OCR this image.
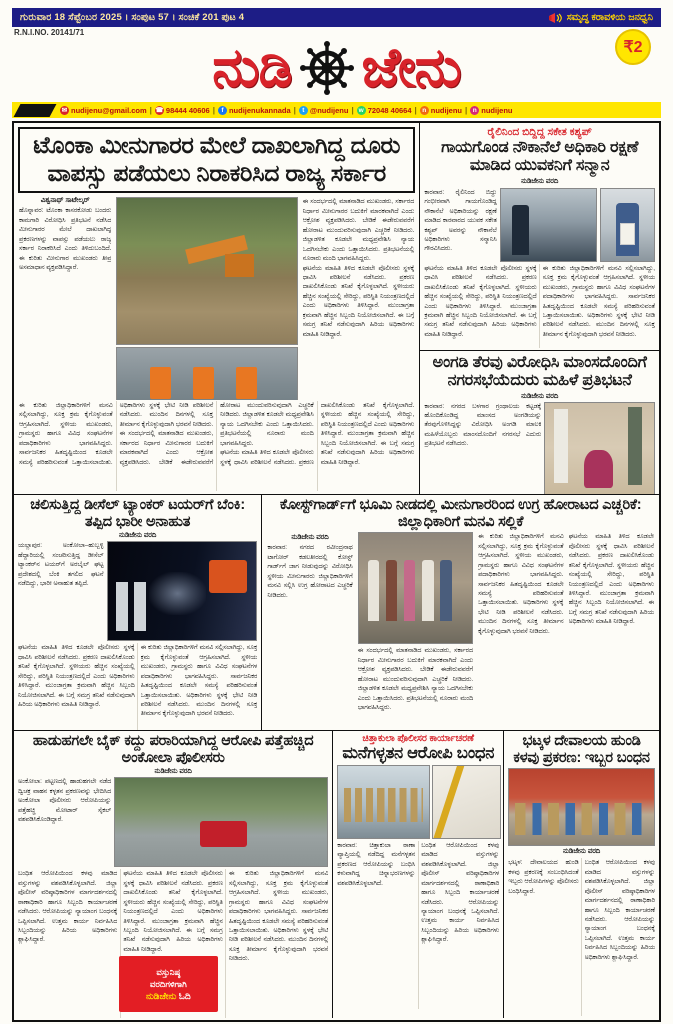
ಗುರುವಾರ 18 ಸೆಪ್ಟೆಂಬರ 2025 । ಸಂಪುಟ 57 । ಸಂಚಿಕೆ 201 ಪುಟ 4	ಸಮೃದ್ಧ ಕರಾವಳಿಯ ಜನಧ್ವನಿ
R.N.I.NO. 20141/71
ನುಡಿ ಜೇನು	₹2
✉ nudijenu@gmail.com | ☎ 98444 40606 | f nudijenukannada | t @nudijenu | w 72048 40664 | n nudijenu | n nudijenu
ಟೊಂಕಾ ಮೀನುಗಾರರ ಮೇಲೆ ದಾಖಲಾಗಿದ್ದ ದೂರು ವಾಪಸ್ಸು ಪಡೆಯಲು ನಿರಾಕರಿಸಿದ ರಾಜ್ಯ ಸರ್ಕಾರ
ವಿಶ್ವನಾಥ್ ಸಾಟೇಲ್ಕರ್

ಹೊನ್ನಾವರ: ಟೊಂಕಾ ಕಾಸರಕೋಡು ಬಂದರು ಕಾಮಗಾರಿ ವಿರೋಧಿಸಿ ಪ್ರತಿಭಟನೆ ನಡೆಸಿದ ಮೀನುಗಾರರ ಮೇಲೆ ದಾಖಲಾಗಿದ್ದ ಪ್ರಕರಣಗಳನ್ನು ವಾಪಸ್ಸು ಪಡೆಯಲು ರಾಜ್ಯ ಸರ್ಕಾರ ನಿರಾಕರಿಸಿದೆ ಎಂದು ತಿಳಿದುಬಂದಿದೆ. ಈ ಕುರಿತು ಮೀನುಗಾರ ಮುಖಂಡರು ತೀವ್ರ ಅಸಮಾಧಾನ ವ್ಯಕ್ತಪಡಿಸಿದ್ದಾರೆ.

ಈ ಸಂದರ್ಭದಲ್ಲಿ ಮಾತನಾಡಿದ ಮುಖಂಡರು, ಸರ್ಕಾರದ ನಿರ್ಧಾರ ಮೀನುಗಾರರ ಬದುಕಿಗೆ ಮಾರಕವಾಗಿದೆ ಎಂದು ಆಕ್ರೋಶ ವ್ಯಕ್ತಪಡಿಸಿದರು. ಬೇಡಿಕೆ ಈಡೇರುವವರೆಗೆ ಹೋರಾಟ ಮುಂದುವರಿಸುವುದಾಗಿ ಎಚ್ಚರಿಕೆ ನೀಡಿದರು. ಜಿಲ್ಲಾಡಳಿತ ಕೂಡಲೇ ಮಧ್ಯಪ್ರವೇಶಿಸಿ ನ್ಯಾಯ ಒದಗಿಸಬೇಕು ಎಂದು ಒತ್ತಾಯಿಸಿದರು. ಪ್ರತಿಭಟನೆಯಲ್ಲಿ ನೂರಾರು ಮಂದಿ ಭಾಗವಹಿಸಿದ್ದರು.

ಘಟನೆಯ ಮಾಹಿತಿ ತಿಳಿದ ಕೂಡಲೇ ಪೊಲೀಸರು ಸ್ಥಳಕ್ಕೆ ಧಾವಿಸಿ ಪರಿಶೀಲನೆ ನಡೆಸಿದರು. ಪ್ರಕರಣ ದಾಖಲಿಸಿಕೊಂಡು ತನಿಖೆ ಕೈಗೊಳ್ಳಲಾಗಿದೆ. ಸ್ಥಳೀಯರು ಹೆಚ್ಚಿನ ಸಂಖ್ಯೆಯಲ್ಲಿ ಸೇರಿದ್ದು, ಪರಿಸ್ಥಿತಿ ನಿಯಂತ್ರಣದಲ್ಲಿದೆ ಎಂದು ಅಧಿಕಾರಿಗಳು ತಿಳಿಸಿದ್ದಾರೆ. ಮುಂಜಾಗ್ರತಾ ಕ್ರಮವಾಗಿ ಹೆಚ್ಚಿನ ಸಿಬ್ಬಂದಿ ನಿಯೋಜಿಸಲಾಗಿದೆ. ಈ ಬಗ್ಗೆ ಸಮಗ್ರ ತನಿಖೆ ನಡೆಸುವುದಾಗಿ ಹಿರಿಯ ಅಧಿಕಾರಿಗಳು ಮಾಹಿತಿ ನೀಡಿದ್ದಾರೆ.

ಈ ಕುರಿತು ಜಿಲ್ಲಾಧಿಕಾರಿಗಳಿಗೆ ಮನವಿ ಸಲ್ಲಿಸಲಾಗಿದ್ದು, ಸೂಕ್ತ ಕ್ರಮ ಕೈಗೊಳ್ಳುವಂತೆ ಆಗ್ರಹಿಸಲಾಗಿದೆ. ಸ್ಥಳೀಯ ಮುಖಂಡರು, ಗ್ರಾಮಸ್ಥರು ಹಾಗೂ ವಿವಿಧ ಸಂಘಟನೆಗಳ ಪದಾಧಿಕಾರಿಗಳು ಭಾಗವಹಿಸಿದ್ದರು. ಸಾರ್ವಜನಿಕರ ಹಿತದೃಷ್ಟಿಯಿಂದ ಕೂಡಲೇ ಸಮಸ್ಯೆ ಪರಿಹರಿಸುವಂತೆ ಒತ್ತಾಯಿಸಲಾಯಿತು. ಅಧಿಕಾರಿಗಳು ಸ್ಥಳಕ್ಕೆ ಭೇಟಿ ನೀಡಿ ಪರಿಶೀಲನೆ ನಡೆಸಿದರು. ಮುಂದಿನ ದಿನಗಳಲ್ಲಿ ಸೂಕ್ತ ತೀರ್ಮಾನ ಕೈಗೊಳ್ಳುವುದಾಗಿ ಭರವಸೆ ನೀಡಿದರು.

ಈ ಸಂದರ್ಭದಲ್ಲಿ ಮಾತನಾಡಿದ ಮುಖಂಡರು, ಸರ್ಕಾರದ ನಿರ್ಧಾರ ಮೀನುಗಾರರ ಬದುಕಿಗೆ ಮಾರಕವಾಗಿದೆ ಎಂದು ಆಕ್ರೋಶ ವ್ಯಕ್ತಪಡಿಸಿದರು. ಬೇಡಿಕೆ ಈಡೇರುವವರೆಗೆ ಹೋರಾಟ ಮುಂದುವರಿಸುವುದಾಗಿ ಎಚ್ಚರಿಕೆ ನೀಡಿದರು. ಜಿಲ್ಲಾಡಳಿತ ಕೂಡಲೇ ಮಧ್ಯಪ್ರವೇಶಿಸಿ ನ್ಯಾಯ ಒದಗಿಸಬೇಕು ಎಂದು ಒತ್ತಾಯಿಸಿದರು. ಪ್ರತಿಭಟನೆಯಲ್ಲಿ ನೂರಾರು ಮಂದಿ ಭಾಗವಹಿಸಿದ್ದರು.

ಘಟನೆಯ ಮಾಹಿತಿ ತಿಳಿದ ಕೂಡಲೇ ಪೊಲೀಸರು ಸ್ಥಳಕ್ಕೆ ಧಾವಿಸಿ ಪರಿಶೀಲನೆ ನಡೆಸಿದರು. ಪ್ರಕರಣ ದಾಖಲಿಸಿಕೊಂಡು ತನಿಖೆ ಕೈಗೊಳ್ಳಲಾಗಿದೆ. ಸ್ಥಳೀಯರು ಹೆಚ್ಚಿನ ಸಂಖ್ಯೆಯಲ್ಲಿ ಸೇರಿದ್ದು, ಪರಿಸ್ಥಿತಿ ನಿಯಂತ್ರಣದಲ್ಲಿದೆ ಎಂದು ಅಧಿಕಾರಿಗಳು ತಿಳಿಸಿದ್ದಾರೆ. ಮುಂಜಾಗ್ರತಾ ಕ್ರಮವಾಗಿ ಹೆಚ್ಚಿನ ಸಿಬ್ಬಂದಿ ನಿಯೋಜಿಸಲಾಗಿದೆ. ಈ ಬಗ್ಗೆ ಸಮಗ್ರ ತನಿಖೆ ನಡೆಸುವುದಾಗಿ ಹಿರಿಯ ಅಧಿಕಾರಿಗಳು ಮಾಹಿತಿ ನೀಡಿದ್ದಾರೆ.

ರೈಲಿನಿಂದ ಬಿದ್ದಿದ್ದ ಸಕೇತ ಕಶ್ಯಪ್
ಗಾಯಗೊಂಡ ನೌಕಾನೆಲೆ ಅಧಿಕಾರಿ ರಕ್ಷಣೆ ಮಾಡಿದ ಯುವಕನಿಗೆ ಸನ್ಮಾನ
ನುಡಿಜೇನು ವರದಿ

ಕಾರವಾರ: ರೈಲಿನಿಂದ ಬಿದ್ದು ಗಂಭೀರವಾಗಿ ಗಾಯಗೊಂಡಿದ್ದ ನೌಕಾನೆಲೆ ಅಧಿಕಾರಿಯನ್ನು ರಕ್ಷಣೆ ಮಾಡಿದ ಕಾರವಾರದ ಯುವಕ ಸಕೇತ ಕಶ್ಯಪ್ ಅವರನ್ನು ನೌಕಾನೆಲೆ ಅಧಿಕಾರಿಗಳು ಸನ್ಮಾನಿಸಿ ಗೌರವಿಸಿದರು.

ಘಟನೆಯ ಮಾಹಿತಿ ತಿಳಿದ ಕೂಡಲೇ ಪೊಲೀಸರು ಸ್ಥಳಕ್ಕೆ ಧಾವಿಸಿ ಪರಿಶೀಲನೆ ನಡೆಸಿದರು. ಪ್ರಕರಣ ದಾಖಲಿಸಿಕೊಂಡು ತನಿಖೆ ಕೈಗೊಳ್ಳಲಾಗಿದೆ. ಸ್ಥಳೀಯರು ಹೆಚ್ಚಿನ ಸಂಖ್ಯೆಯಲ್ಲಿ ಸೇರಿದ್ದು, ಪರಿಸ್ಥಿತಿ ನಿಯಂತ್ರಣದಲ್ಲಿದೆ ಎಂದು ಅಧಿಕಾರಿಗಳು ತಿಳಿಸಿದ್ದಾರೆ. ಮುಂಜಾಗ್ರತಾ ಕ್ರಮವಾಗಿ ಹೆಚ್ಚಿನ ಸಿಬ್ಬಂದಿ ನಿಯೋಜಿಸಲಾಗಿದೆ. ಈ ಬಗ್ಗೆ ಸಮಗ್ರ ತನಿಖೆ ನಡೆಸುವುದಾಗಿ ಹಿರಿಯ ಅಧಿಕಾರಿಗಳು ಮಾಹಿತಿ ನೀಡಿದ್ದಾರೆ.

ಈ ಕುರಿತು ಜಿಲ್ಲಾಧಿಕಾರಿಗಳಿಗೆ ಮನವಿ ಸಲ್ಲಿಸಲಾಗಿದ್ದು, ಸೂಕ್ತ ಕ್ರಮ ಕೈಗೊಳ್ಳುವಂತೆ ಆಗ್ರಹಿಸಲಾಗಿದೆ. ಸ್ಥಳೀಯ ಮುಖಂಡರು, ಗ್ರಾಮಸ್ಥರು ಹಾಗೂ ವಿವಿಧ ಸಂಘಟನೆಗಳ ಪದಾಧಿಕಾರಿಗಳು ಭಾಗವಹಿಸಿದ್ದರು. ಸಾರ್ವಜನಿಕರ ಹಿತದೃಷ್ಟಿಯಿಂದ ಕೂಡಲೇ ಸಮಸ್ಯೆ ಪರಿಹರಿಸುವಂತೆ ಒತ್ತಾಯಿಸಲಾಯಿತು. ಅಧಿಕಾರಿಗಳು ಸ್ಥಳಕ್ಕೆ ಭೇಟಿ ನೀಡಿ ಪರಿಶೀಲನೆ ನಡೆಸಿದರು. ಮುಂದಿನ ದಿನಗಳಲ್ಲಿ ಸೂಕ್ತ ತೀರ್ಮಾನ ಕೈಗೊಳ್ಳುವುದಾಗಿ ಭರವಸೆ ನೀಡಿದರು.

ಅಂಗಡಿ ತೆರವು ವಿರೋಧಿಸಿ ಮಾಂಸದೊಂದಿಗೆ ನಗರಸಭೆಯೆದುರು ಮಹಿಳೆ ಪ್ರತಿಭಟನೆ
ನುಡಿಜೇನು ವರದಿ

ಕಾರವಾರ: ನಗರದ ಬಳಗಾರ ಗ್ರಂಥಾಲಯ ಕಟ್ಟಡಕ್ಕೆ ಹೊಂದಿಕೊಂಡಿದ್ದ ಮಾಂಸದ ಅಂಗಡಿಯನ್ನು ತೆರವುಗೊಳಿಸಿದ್ದನ್ನು ವಿರೋಧಿಸಿ ಅಂಗಡಿ ಮಾಲಕಿ ಮಹಿಳೆಯೊಬ್ಬರು ಮಾಂಸದೊಂದಿಗೆ ನಗರಸಭೆ ಎದುರು ಪ್ರತಿಭಟನೆ ನಡೆಸಿದರು.

ಚಲಿಸುತ್ತಿದ್ದ ಡೀಸೆಲ್ ಟ್ಯಾಂಕರ್ ಟಯರ್‌ಗೆ ಬೆಂಕಿ: ತಪ್ಪಿದ ಭಾರೀ ಅನಾಹುತ
ನುಡಿಜೇನು ವರದಿ

ಯಲ್ಲಾಪುರ: ಅಂಕೋಲಾ–ಹುಬ್ಬಳ್ಳಿ ಹೆದ್ದಾರಿಯಲ್ಲಿ ಸಂಚರಿಸುತ್ತಿದ್ದ ಡೀಸೆಲ್ ಟ್ಯಾಂಕರ್‌ನ ಟಯರ್‌ಗೆ ಅರಬೈಲ್ ಘಟ್ಟ ಪ್ರದೇಶದಲ್ಲಿ ಬೆಂಕಿ ತಗಲಿದ ಘಟನೆ ನಡೆದಿದ್ದು, ಭಾರೀ ಅನಾಹುತ ತಪ್ಪಿದೆ.

ಘಟನೆಯ ಮಾಹಿತಿ ತಿಳಿದ ಕೂಡಲೇ ಪೊಲೀಸರು ಸ್ಥಳಕ್ಕೆ ಧಾವಿಸಿ ಪರಿಶೀಲನೆ ನಡೆಸಿದರು. ಪ್ರಕರಣ ದಾಖಲಿಸಿಕೊಂಡು ತನಿಖೆ ಕೈಗೊಳ್ಳಲಾಗಿದೆ. ಸ್ಥಳೀಯರು ಹೆಚ್ಚಿನ ಸಂಖ್ಯೆಯಲ್ಲಿ ಸೇರಿದ್ದು, ಪರಿಸ್ಥಿತಿ ನಿಯಂತ್ರಣದಲ್ಲಿದೆ ಎಂದು ಅಧಿಕಾರಿಗಳು ತಿಳಿಸಿದ್ದಾರೆ. ಮುಂಜಾಗ್ರತಾ ಕ್ರಮವಾಗಿ ಹೆಚ್ಚಿನ ಸಿಬ್ಬಂದಿ ನಿಯೋಜಿಸಲಾಗಿದೆ. ಈ ಬಗ್ಗೆ ಸಮಗ್ರ ತನಿಖೆ ನಡೆಸುವುದಾಗಿ ಹಿರಿಯ ಅಧಿಕಾರಿಗಳು ಮಾಹಿತಿ ನೀಡಿದ್ದಾರೆ.

ಈ ಕುರಿತು ಜಿಲ್ಲಾಧಿಕಾರಿಗಳಿಗೆ ಮನವಿ ಸಲ್ಲಿಸಲಾಗಿದ್ದು, ಸೂಕ್ತ ಕ್ರಮ ಕೈಗೊಳ್ಳುವಂತೆ ಆಗ್ರಹಿಸಲಾಗಿದೆ. ಸ್ಥಳೀಯ ಮುಖಂಡರು, ಗ್ರಾಮಸ್ಥರು ಹಾಗೂ ವಿವಿಧ ಸಂಘಟನೆಗಳ ಪದಾಧಿಕಾರಿಗಳು ಭಾಗವಹಿಸಿದ್ದರು. ಸಾರ್ವಜನಿಕರ ಹಿತದೃಷ್ಟಿಯಿಂದ ಕೂಡಲೇ ಸಮಸ್ಯೆ ಪರಿಹರಿಸುವಂತೆ ಒತ್ತಾಯಿಸಲಾಯಿತು. ಅಧಿಕಾರಿಗಳು ಸ್ಥಳಕ್ಕೆ ಭೇಟಿ ನೀಡಿ ಪರಿಶೀಲನೆ ನಡೆಸಿದರು. ಮುಂದಿನ ದಿನಗಳಲ್ಲಿ ಸೂಕ್ತ ತೀರ್ಮಾನ ಕೈಗೊಳ್ಳುವುದಾಗಿ ಭರವಸೆ ನೀಡಿದರು.

ಕೋಸ್ಟ್‌ಗಾರ್ಡ್‌ಗೆ ಭೂಮಿ ನೀಡದಲ್ಲಿ ಮೀನುಗಾರರಿಂದ ಉಗ್ರ ಹೋರಾಟದ ಎಚ್ಚರಿಕೆ: ಜಿಲ್ಲಾಧಿಕಾರಿಗೆ ಮನವಿ ಸಲ್ಲಿಕೆ
ನುಡಿಜೇನು ವರದಿ

ಕಾರವಾರ: ನಗರದ ರವೀಂದ್ರನಾಥ ಟಾಗೋರ್ ಕಡಲತೀರದಲ್ಲಿ ಕೋಸ್ಟ್ ಗಾರ್ಡ್‌ಗೆ ಜಾಗ ನೀಡುವುದನ್ನು ವಿರೋಧಿಸಿ ಸ್ಥಳೀಯ ಮೀನುಗಾರರು ಜಿಲ್ಲಾಧಿಕಾರಿಗಳಿಗೆ ಮನವಿ ಸಲ್ಲಿಸಿ ಉಗ್ರ ಹೋರಾಟದ ಎಚ್ಚರಿಕೆ ನೀಡಿದರು.

ಈ ಸಂದರ್ಭದಲ್ಲಿ ಮಾತನಾಡಿದ ಮುಖಂಡರು, ಸರ್ಕಾರದ ನಿರ್ಧಾರ ಮೀನುಗಾರರ ಬದುಕಿಗೆ ಮಾರಕವಾಗಿದೆ ಎಂದು ಆಕ್ರೋಶ ವ್ಯಕ್ತಪಡಿಸಿದರು. ಬೇಡಿಕೆ ಈಡೇರುವವರೆಗೆ ಹೋರಾಟ ಮುಂದುವರಿಸುವುದಾಗಿ ಎಚ್ಚರಿಕೆ ನೀಡಿದರು. ಜಿಲ್ಲಾಡಳಿತ ಕೂಡಲೇ ಮಧ್ಯಪ್ರವೇಶಿಸಿ ನ್ಯಾಯ ಒದಗಿಸಬೇಕು ಎಂದು ಒತ್ತಾಯಿಸಿದರು. ಪ್ರತಿಭಟನೆಯಲ್ಲಿ ನೂರಾರು ಮಂದಿ ಭಾಗವಹಿಸಿದ್ದರು.

ಈ ಕುರಿತು ಜಿಲ್ಲಾಧಿಕಾರಿಗಳಿಗೆ ಮನವಿ ಸಲ್ಲಿಸಲಾಗಿದ್ದು, ಸೂಕ್ತ ಕ್ರಮ ಕೈಗೊಳ್ಳುವಂತೆ ಆಗ್ರಹಿಸಲಾಗಿದೆ. ಸ್ಥಳೀಯ ಮುಖಂಡರು, ಗ್ರಾಮಸ್ಥರು ಹಾಗೂ ವಿವಿಧ ಸಂಘಟನೆಗಳ ಪದಾಧಿಕಾರಿಗಳು ಭಾಗವಹಿಸಿದ್ದರು. ಸಾರ್ವಜನಿಕರ ಹಿತದೃಷ್ಟಿಯಿಂದ ಕೂಡಲೇ ಸಮಸ್ಯೆ ಪರಿಹರಿಸುವಂತೆ ಒತ್ತಾಯಿಸಲಾಯಿತು. ಅಧಿಕಾರಿಗಳು ಸ್ಥಳಕ್ಕೆ ಭೇಟಿ ನೀಡಿ ಪರಿಶೀಲನೆ ನಡೆಸಿದರು. ಮುಂದಿನ ದಿನಗಳಲ್ಲಿ ಸೂಕ್ತ ತೀರ್ಮಾನ ಕೈಗೊಳ್ಳುವುದಾಗಿ ಭರವಸೆ ನೀಡಿದರು.

ಘಟನೆಯ ಮಾಹಿತಿ ತಿಳಿದ ಕೂಡಲೇ ಪೊಲೀಸರು ಸ್ಥಳಕ್ಕೆ ಧಾವಿಸಿ ಪರಿಶೀಲನೆ ನಡೆಸಿದರು. ಪ್ರಕರಣ ದಾಖಲಿಸಿಕೊಂಡು ತನಿಖೆ ಕೈಗೊಳ್ಳಲಾಗಿದೆ. ಸ್ಥಳೀಯರು ಹೆಚ್ಚಿನ ಸಂಖ್ಯೆಯಲ್ಲಿ ಸೇರಿದ್ದು, ಪರಿಸ್ಥಿತಿ ನಿಯಂತ್ರಣದಲ್ಲಿದೆ ಎಂದು ಅಧಿಕಾರಿಗಳು ತಿಳಿಸಿದ್ದಾರೆ. ಮುಂಜಾಗ್ರತಾ ಕ್ರಮವಾಗಿ ಹೆಚ್ಚಿನ ಸಿಬ್ಬಂದಿ ನಿಯೋಜಿಸಲಾಗಿದೆ. ಈ ಬಗ್ಗೆ ಸಮಗ್ರ ತನಿಖೆ ನಡೆಸುವುದಾಗಿ ಹಿರಿಯ ಅಧಿಕಾರಿಗಳು ಮಾಹಿತಿ ನೀಡಿದ್ದಾರೆ.

ಹಾಡುಹಗಲೇ ಬೈಕ್ ಕದ್ದು ಪರಾರಿಯಾಗಿದ್ದ ಆರೋಪಿ ಪತ್ತೆಹಚ್ಚಿದ ಅಂಕೋಲಾ ಪೊಲೀಸರು
ನುಡಿಜೇನು ವರದಿ

ಅಂಕೋಲಾ: ಪಟ್ಟಣದಲ್ಲಿ ಹಾಡುಹಗಲೇ ನಡೆದ ದ್ವಿಚಕ್ರ ವಾಹನ ಕಳ್ಳತನ ಪ್ರಕರಣವನ್ನು ಭೇದಿಸಿದ ಅಂಕೋಲಾ ಪೊಲೀಸರು ಆರೋಪಿಯನ್ನು ಪತ್ತೆಹಚ್ಚಿ ಮೋಟಾರ್ ಸೈಕಲ್ ವಶಪಡಿಸಿಕೊಂಡಿದ್ದಾರೆ.

ಬಂಧಿತ ಆರೋಪಿಯಿಂದ ಕಳವು ಮಾಡಿದ ವಸ್ತುಗಳನ್ನು ವಶಪಡಿಸಿಕೊಳ್ಳಲಾಗಿದೆ. ಜಿಲ್ಲಾ ಪೊಲೀಸ್ ವರಿಷ್ಠಾಧಿಕಾರಿಗಳ ಮಾರ್ಗದರ್ಶನದಲ್ಲಿ ಠಾಣಾಧಿಕಾರಿ ಹಾಗೂ ಸಿಬ್ಬಂದಿ ಕಾರ್ಯಾಚರಣೆ ನಡೆಸಿದರು. ಆರೋಪಿಯನ್ನು ನ್ಯಾಯಾಂಗ ಬಂಧನಕ್ಕೆ ಒಪ್ಪಿಸಲಾಗಿದೆ. ಉತ್ತಮ ಕಾರ್ಯ ನಿರ್ವಹಿಸಿದ ಸಿಬ್ಬಂದಿಯನ್ನು ಹಿರಿಯ ಅಧಿಕಾರಿಗಳು ಶ್ಲಾಘಿಸಿದ್ದಾರೆ.

ಘಟನೆಯ ಮಾಹಿತಿ ತಿಳಿದ ಕೂಡಲೇ ಪೊಲೀಸರು ಸ್ಥಳಕ್ಕೆ ಧಾವಿಸಿ ಪರಿಶೀಲನೆ ನಡೆಸಿದರು. ಪ್ರಕರಣ ದಾಖಲಿಸಿಕೊಂಡು ತನಿಖೆ ಕೈಗೊಳ್ಳಲಾಗಿದೆ. ಸ್ಥಳೀಯರು ಹೆಚ್ಚಿನ ಸಂಖ್ಯೆಯಲ್ಲಿ ಸೇರಿದ್ದು, ಪರಿಸ್ಥಿತಿ ನಿಯಂತ್ರಣದಲ್ಲಿದೆ ಎಂದು ಅಧಿಕಾರಿಗಳು ತಿಳಿಸಿದ್ದಾರೆ. ಮುಂಜಾಗ್ರತಾ ಕ್ರಮವಾಗಿ ಹೆಚ್ಚಿನ ಸಿಬ್ಬಂದಿ ನಿಯೋಜಿಸಲಾಗಿದೆ. ಈ ಬಗ್ಗೆ ಸಮಗ್ರ ತನಿಖೆ ನಡೆಸುವುದಾಗಿ ಹಿರಿಯ ಅಧಿಕಾರಿಗಳು ಮಾಹಿತಿ ನೀಡಿದ್ದಾರೆ.

ಈ ಕುರಿತು ಜಿಲ್ಲಾಧಿಕಾರಿಗಳಿಗೆ ಮನವಿ ಸಲ್ಲಿಸಲಾಗಿದ್ದು, ಸೂಕ್ತ ಕ್ರಮ ಕೈಗೊಳ್ಳುವಂತೆ ಆಗ್ರಹಿಸಲಾಗಿದೆ. ಸ್ಥಳೀಯ ಮುಖಂಡರು, ಗ್ರಾಮಸ್ಥರು ಹಾಗೂ ವಿವಿಧ ಸಂಘಟನೆಗಳ ಪದಾಧಿಕಾರಿಗಳು ಭಾಗವಹಿಸಿದ್ದರು. ಸಾರ್ವಜನಿಕರ ಹಿತದೃಷ್ಟಿಯಿಂದ ಕೂಡಲೇ ಸಮಸ್ಯೆ ಪರಿಹರಿಸುವಂತೆ ಒತ್ತಾಯಿಸಲಾಯಿತು. ಅಧಿಕಾರಿಗಳು ಸ್ಥಳಕ್ಕೆ ಭೇಟಿ ನೀಡಿ ಪರಿಶೀಲನೆ ನಡೆಸಿದರು. ಮುಂದಿನ ದಿನಗಳಲ್ಲಿ ಸೂಕ್ತ ತೀರ್ಮಾನ ಕೈಗೊಳ್ಳುವುದಾಗಿ ಭರವಸೆ ನೀಡಿದರು.

ವಸ್ತುನಿಷ್ಠ
ವರದಿಗಳಿಗಾಗಿ
ನುಡಿಜೇನು ಓದಿ
ಚಿತ್ತಾಕುಲಾ ಪೊಲೀಸರ ಕಾರ್ಯಾಚರಣೆ
ಮನೆಗಳ್ಳತನ ಆರೋಪಿ ಬಂಧನ

ಕಾರವಾರ: ಚಿತ್ತಾಕುಲಾ ಠಾಣಾ ವ್ಯಾಪ್ತಿಯಲ್ಲಿ ನಡೆದಿದ್ದ ಮನೆಗಳ್ಳತನ ಪ್ರಕರಣದ ಆರೋಪಿಯನ್ನು ಬಂಧಿಸಿ ಕಳುವಾಗಿದ್ದ ಚಿನ್ನಾಭರಣಗಳನ್ನು ವಶಪಡಿಸಿಕೊಳ್ಳಲಾಗಿದೆ.

ಬಂಧಿತ ಆರೋಪಿಯಿಂದ ಕಳವು ಮಾಡಿದ ವಸ್ತುಗಳನ್ನು ವಶಪಡಿಸಿಕೊಳ್ಳಲಾಗಿದೆ. ಜಿಲ್ಲಾ ಪೊಲೀಸ್ ವರಿಷ್ಠಾಧಿಕಾರಿಗಳ ಮಾರ್ಗದರ್ಶನದಲ್ಲಿ ಠಾಣಾಧಿಕಾರಿ ಹಾಗೂ ಸಿಬ್ಬಂದಿ ಕಾರ್ಯಾಚರಣೆ ನಡೆಸಿದರು. ಆರೋಪಿಯನ್ನು ನ್ಯಾಯಾಂಗ ಬಂಧನಕ್ಕೆ ಒಪ್ಪಿಸಲಾಗಿದೆ. ಉತ್ತಮ ಕಾರ್ಯ ನಿರ್ವಹಿಸಿದ ಸಿಬ್ಬಂದಿಯನ್ನು ಹಿರಿಯ ಅಧಿಕಾರಿಗಳು ಶ್ಲಾಘಿಸಿದ್ದಾರೆ.

ಭಟ್ಕಳ ದೇವಾಲಯ ಹುಂಡಿ ಕಳವು ಪ್ರಕರಣ: ಇಬ್ಬರ ಬಂಧನ
ನುಡಿಜೇನು ವರದಿ

ಭಟ್ಕಳ: ದೇವಾಲಯದ ಹುಂಡಿ ಕಳವು ಪ್ರಕರಣಕ್ಕೆ ಸಂಬಂಧಿಸಿದಂತೆ ಇಬ್ಬರು ಆರೋಪಿಗಳನ್ನು ಪೊಲೀಸರು ಬಂಧಿಸಿದ್ದಾರೆ.

ಬಂಧಿತ ಆರೋಪಿಯಿಂದ ಕಳವು ಮಾಡಿದ ವಸ್ತುಗಳನ್ನು ವಶಪಡಿಸಿಕೊಳ್ಳಲಾಗಿದೆ. ಜಿಲ್ಲಾ ಪೊಲೀಸ್ ವರಿಷ್ಠಾಧಿಕಾರಿಗಳ ಮಾರ್ಗದರ್ಶನದಲ್ಲಿ ಠಾಣಾಧಿಕಾರಿ ಹಾಗೂ ಸಿಬ್ಬಂದಿ ಕಾರ್ಯಾಚರಣೆ ನಡೆಸಿದರು. ಆರೋಪಿಯನ್ನು ನ್ಯಾಯಾಂಗ ಬಂಧನಕ್ಕೆ ಒಪ್ಪಿಸಲಾಗಿದೆ. ಉತ್ತಮ ಕಾರ್ಯ ನಿರ್ವಹಿಸಿದ ಸಿಬ್ಬಂದಿಯನ್ನು ಹಿರಿಯ ಅಧಿಕಾರಿಗಳು ಶ್ಲಾಘಿಸಿದ್ದಾರೆ.
